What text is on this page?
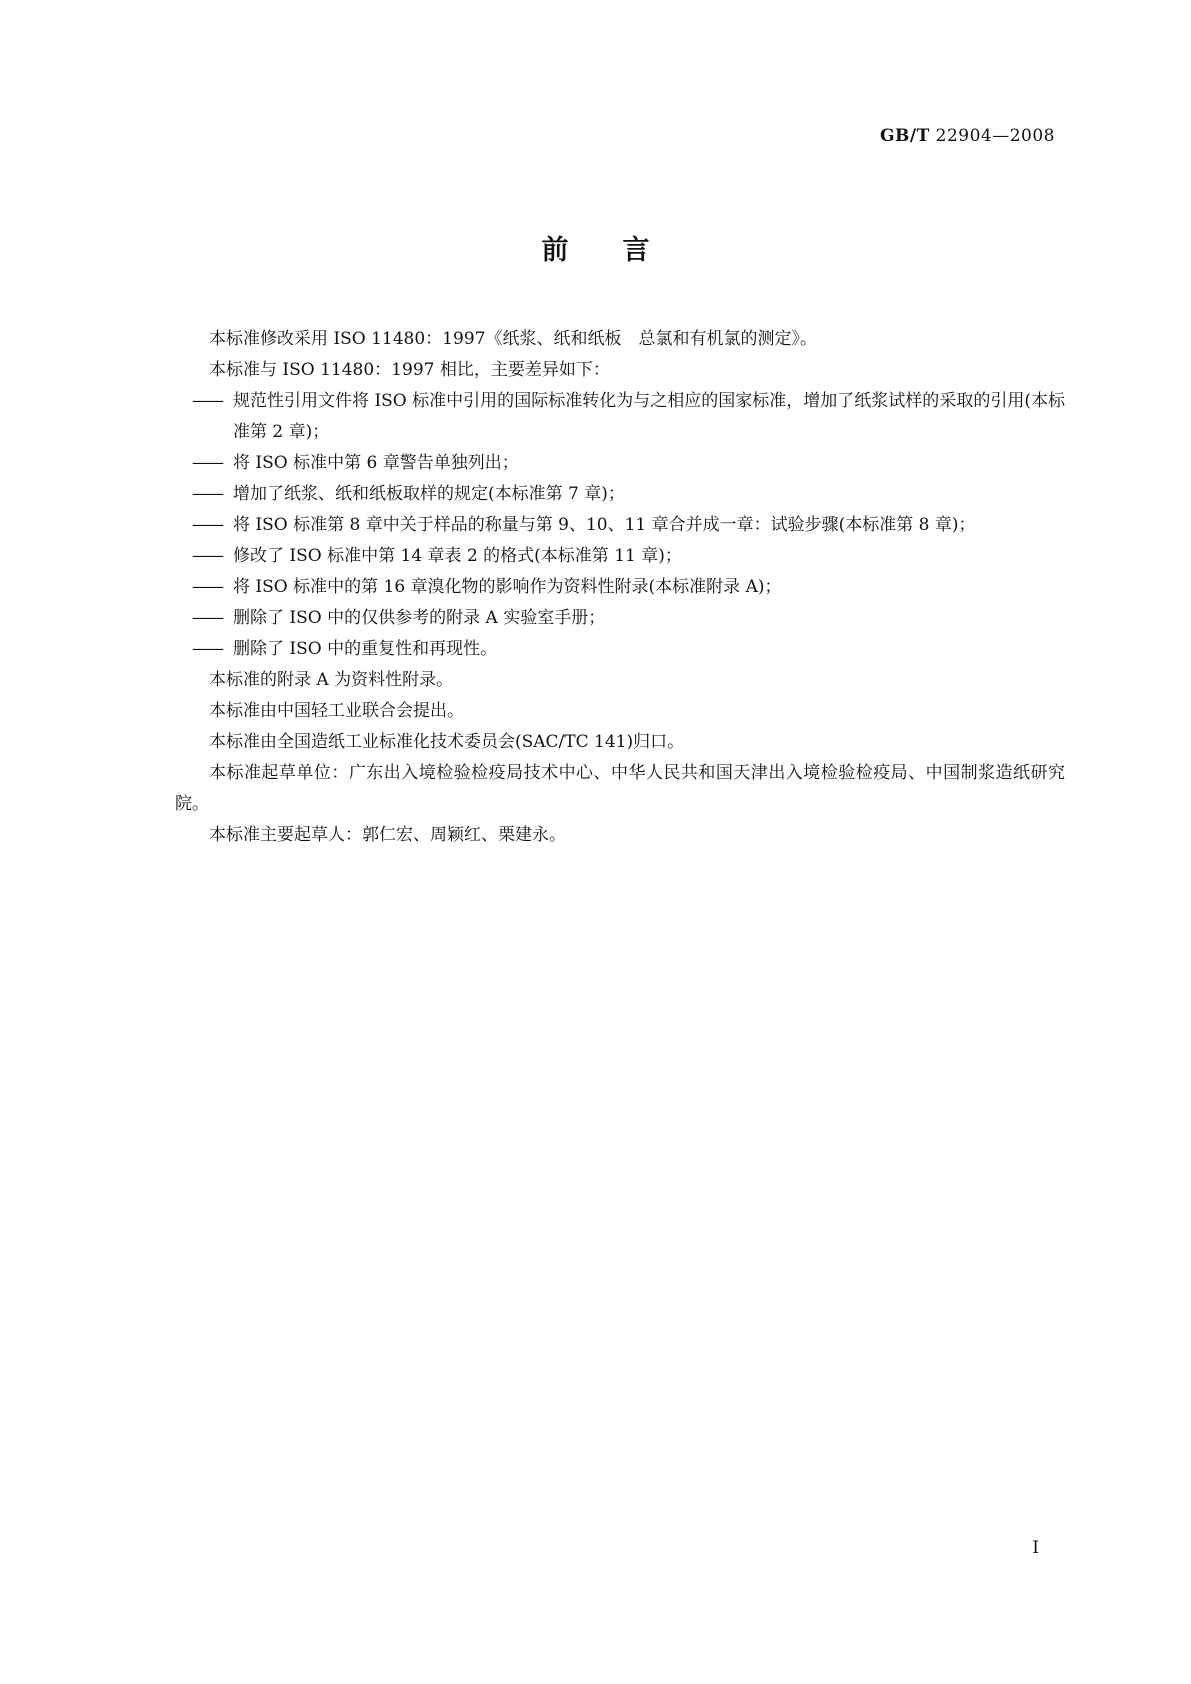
GB/T 22904—2008
前言

本标准修改采用 ISO 11480：1997《纸浆、纸和纸板　总氯和有机氯的测定》。

本标准与 ISO 11480：1997 相比，主要差异如下：

—— 规范性引用文件将 ISO 标准中引用的国际标准转化为与之相应的国家标准，增加了纸浆试样的采取的引用(本标准第 2 章)；
—— 将 ISO 标准中第 6 章警告单独列出；
—— 增加了纸浆、纸和纸板取样的规定(本标准第 7 章)；
—— 将 ISO 标准第 8 章中关于样品的称量与第 9、10、11 章合并成一章：试验步骤(本标准第 8 章)；
—— 修改了 ISO 标准中第 14 章表 2 的格式(本标准第 11 章)；
—— 将 ISO 标准中的第 16 章溴化物的影响作为资料性附录(本标准附录 A)；
—— 删除了 ISO 中的仅供参考的附录 A 实验室手册；
—— 删除了 ISO 中的重复性和再现性。

本标准的附录 A 为资料性附录。

本标准由中国轻工业联合会提出。

本标准由全国造纸工业标准化技术委员会(SAC/TC 141)归口。

本标准起草单位：广东出入境检验检疫局技术中心、中华人民共和国天津出入境检验检疫局、中国制浆造纸研究院。

本标准主要起草人：郭仁宏、周颖红、栗建永。

I
